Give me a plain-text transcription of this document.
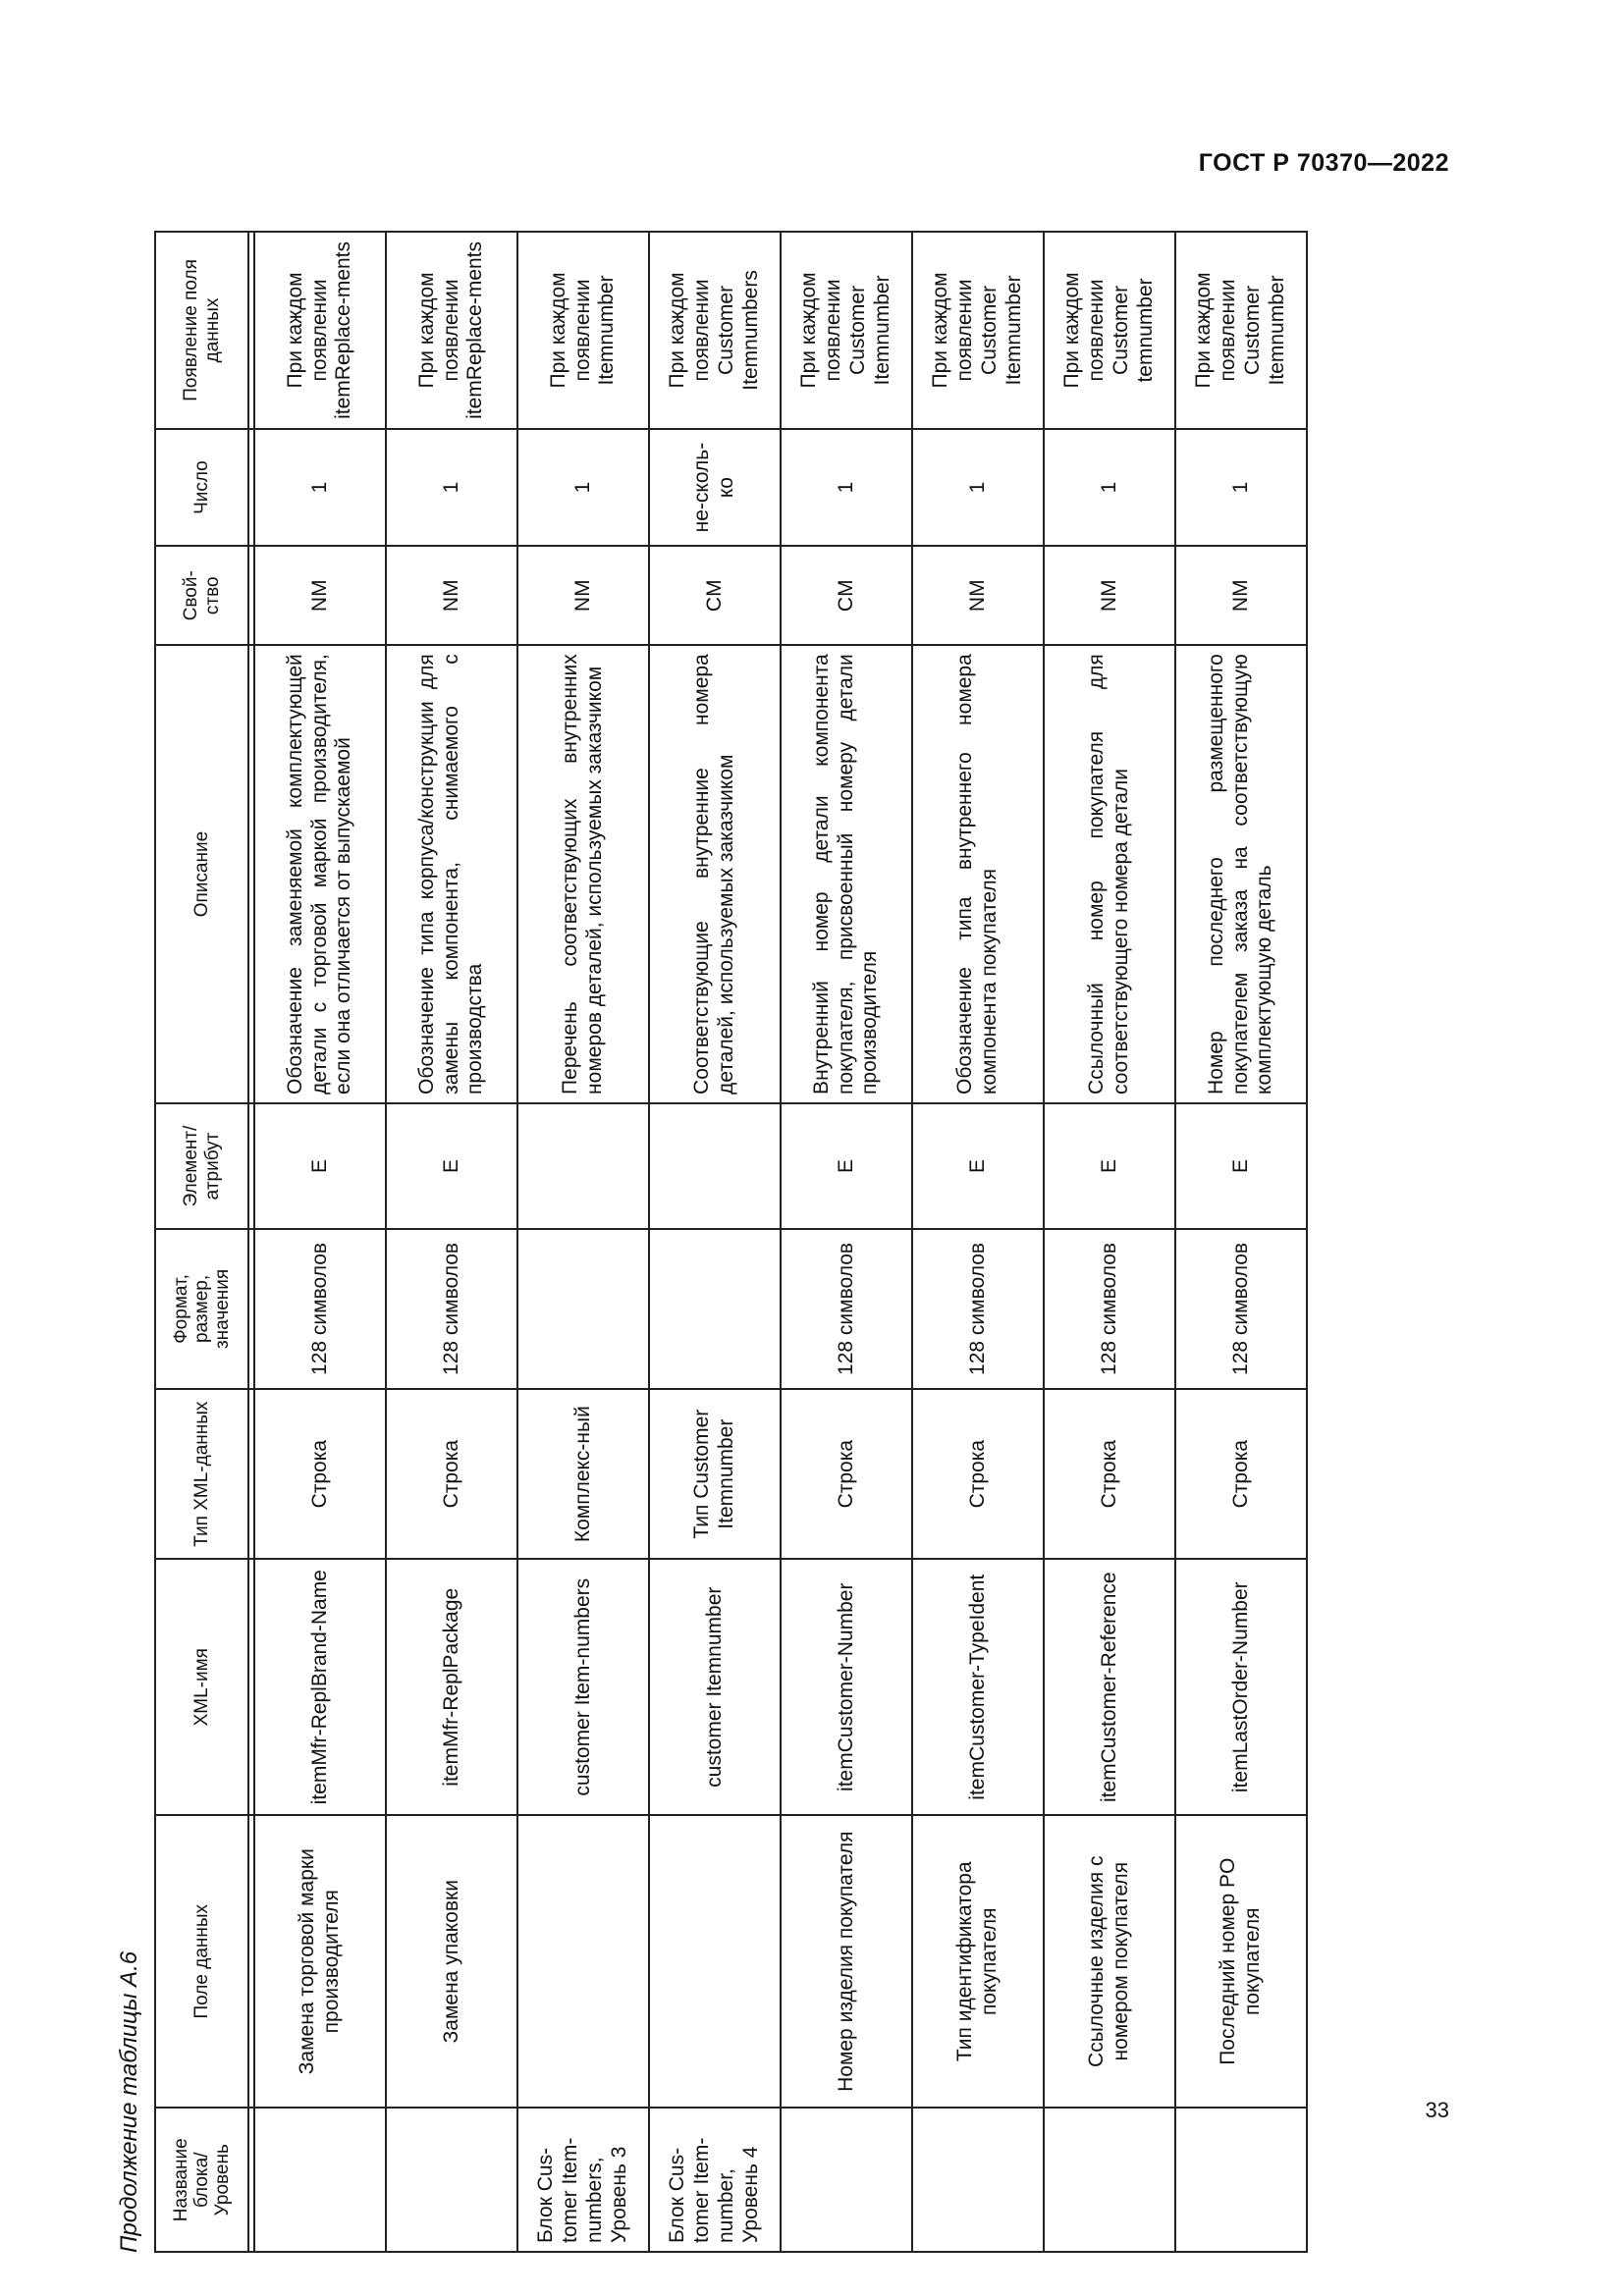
ГОСТ Р 70370—2022
33
Продолжение таблицы А.6	Название блока/ Уровень	Поле данных	XML-имя	Тип XML-данных	Формат, размер, значения	Элемент/ атрибут	Описание	Свой-ство	Число	Появление поля данных

	Замена торговой марки производителя	itemMfr-ReplBrand-Name	Строка	128 символов	E	Обозначение заменяемой комплектующей детали с торговой маркой производителя, если она отличается от выпускаемой	NM	1	При каждом появлении itemReplace-ments
	Замена упаковки	itemMfr-ReplPackage	Строка	128 символов	E	Обозначение типа корпуса/конструкции для замены компонента, снимаемого с производства	NM	1	При каждом появлении itemReplace-ments
Блок Cus-tomer Item-numbers, Уровень 3		customer Item-numbers	Комплекс-ный			Перечень соответствующих внутренних номеров деталей, используемых заказчиком	NM	1	При каждом появлении Itemnumber
Блок Cus-tomer Item-number, Уровень 4		customer Itemnumber	Тип Customer Itemnumber			Соответствующие внутренние номера деталей, используемых заказчиком	CM	не-сколь-ко	При каждом появлении Customer Itemnumbers
	Номер изделия покупателя	itemCustomer-Number	Строка	128 символов	E	Внутренний номер детали компонента покупателя, присвоенный номеру детали производителя	CM	1	При каждом появлении Customer Itemnumber
	Тип идентификатора покупателя	itemCustomer-TypeIdent	Строка	128 символов	E	Обозначение типа внутреннего номера компонента покупателя	NM	1	При каждом появлении Customer Itemnumber
	Ссылочные изделия с номером покупателя	itemCustomer-Reference	Строка	128 символов	E	Ссылочный номер покупателя для соответствующего номера детали	NM	1	При каждом появлении Customer temnumber
	Последний номер PO покупателя	itemLastOrder-Number	Строка	128 символов	E	Номер последнего размещенного покупателем заказа на соответствующую комплектующую деталь	NM	1	При каждом появлении Customer Itemnumber
